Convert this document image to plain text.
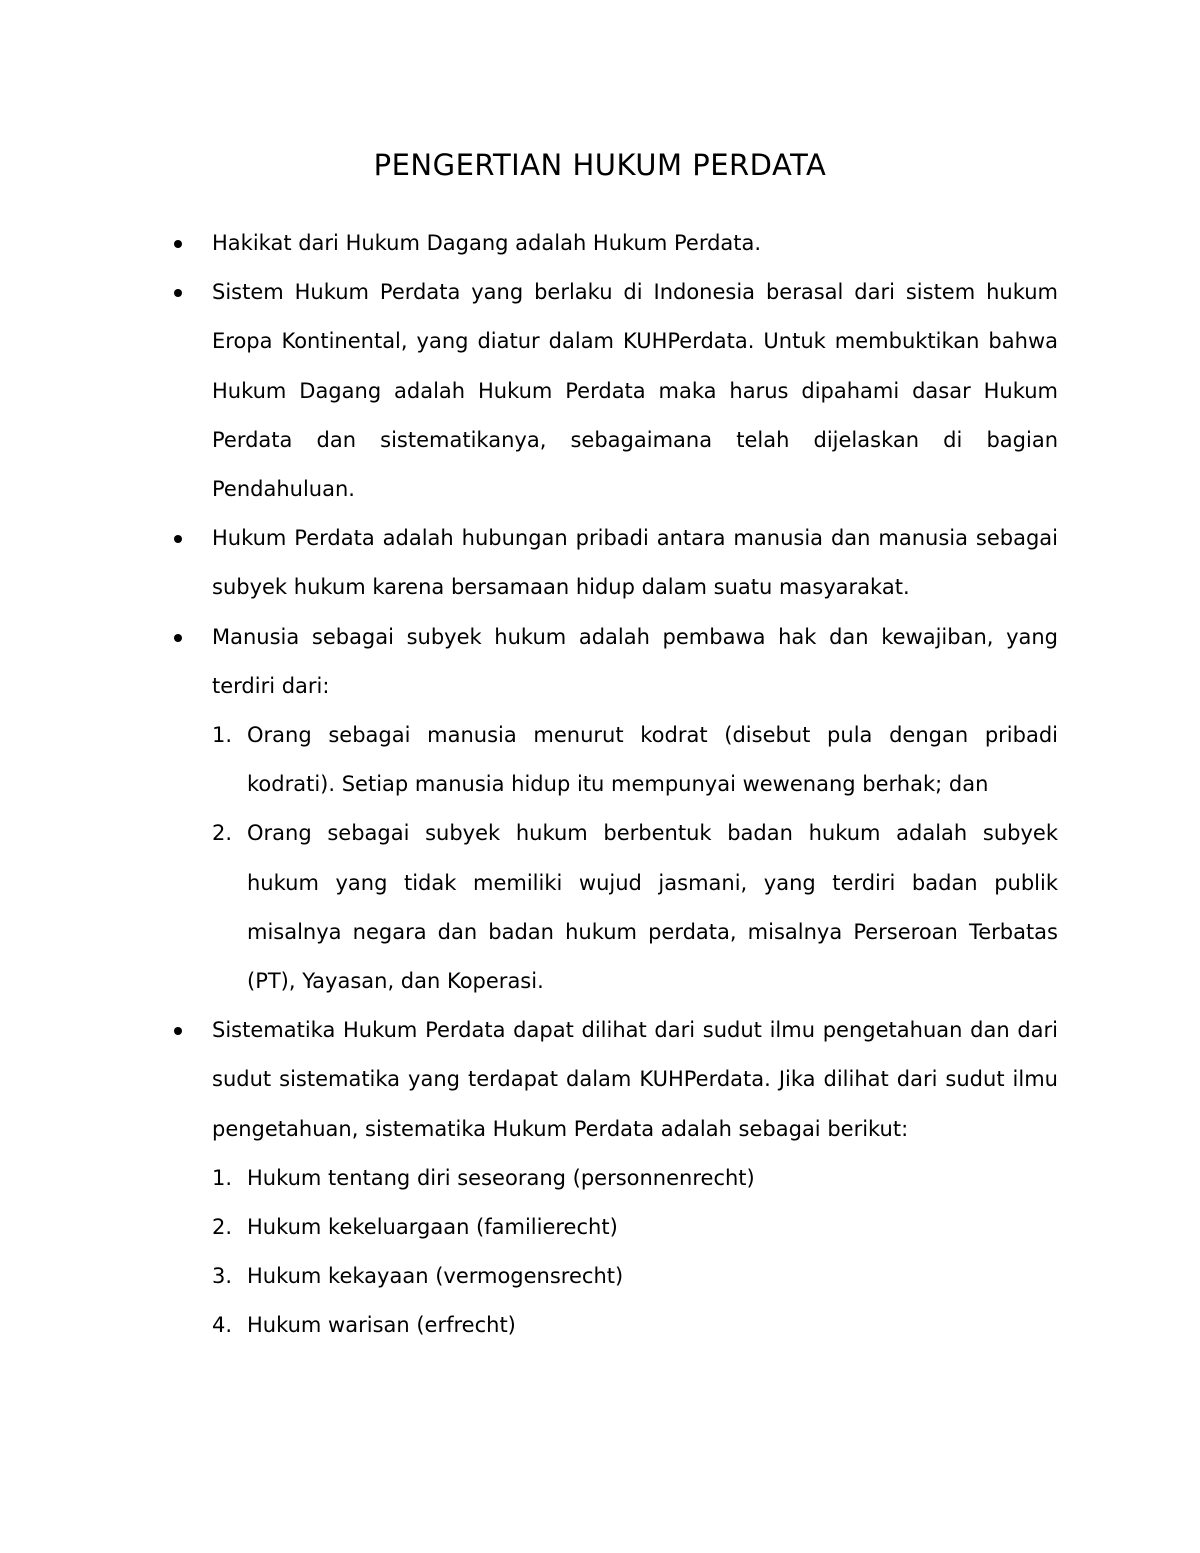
PENGERTIAN HUKUM PERDATA
Hakikat dari Hukum Dagang adalah Hukum Perdata.
Sistem Hukum Perdata yang berlaku di Indonesia berasal dari sistem hukum Eropa Kontinental, yang diatur dalam KUHPerdata. Untuk membuktikan bahwa Hukum Dagang adalah Hukum Perdata maka harus dipahami dasar Hukum Perdata dan sistematikanya, sebagaimana telah dijelaskan di bagian Pendahuluan.
Hukum Perdata adalah hubungan pribadi antara manusia dan manusia sebagai subyek hukum karena bersamaan hidup dalam suatu masyarakat.
Manusia sebagai subyek hukum adalah pembawa hak dan kewajiban, yang terdiri dari:
1. Orang sebagai manusia menurut kodrat (disebut pula dengan pribadi kodrati). Setiap manusia hidup itu mempunyai wewenang berhak; dan
2. Orang sebagai subyek hukum berbentuk badan hukum adalah subyek hukum yang tidak memiliki wujud jasmani, yang terdiri badan publik misalnya negara dan badan hukum perdata, misalnya Perseroan Terbatas (PT), Yayasan, dan Koperasi.
Sistematika Hukum Perdata dapat dilihat dari sudut ilmu pengetahuan dan dari sudut sistematika yang terdapat dalam KUHPerdata. Jika dilihat dari sudut ilmu pengetahuan, sistematika Hukum Perdata adalah sebagai berikut:
1. Hukum tentang diri seseorang (personnenrecht)
2. Hukum kekeluargaan (familierecht)
3. Hukum kekayaan (vermogensrecht)
4. Hukum warisan (erfrecht)
